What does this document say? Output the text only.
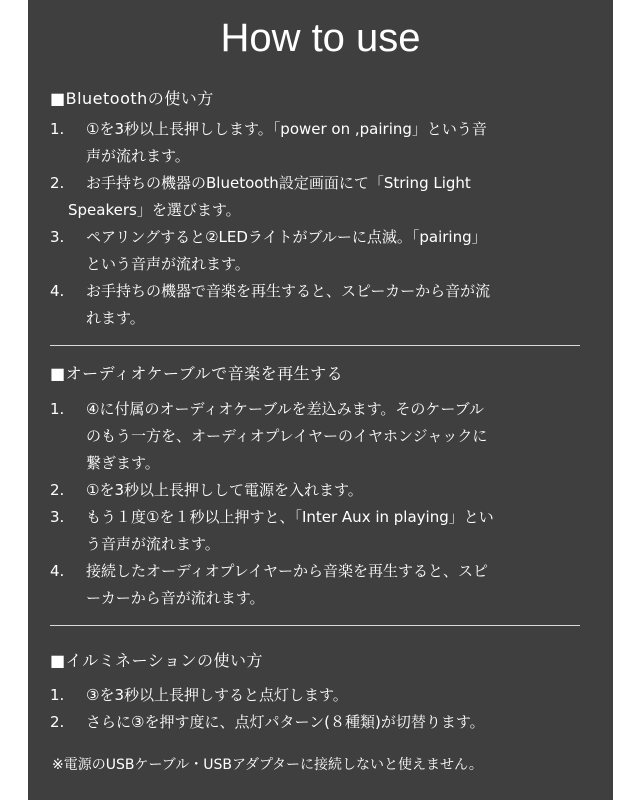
How to use
■Bluetoothの使い方
1.	①を3秒以上長押しします。「power on ,pairing」という音
声が流れます。
2.	お手持ちの機器のBluetooth設定画面にて「String Light
Speakers」を選びます。
3.	ペアリングすると②LEDライトがブルーに点滅。「pairing」
という音声が流れます。
4.	お手持ちの機器で音楽を再生すると、スピーカーから音が流
れます。
■オーディオケーブルで音楽を再生する
1.	④に付属のオーディオケーブルを差込みます。そのケーブル
のもう一方を、オーディオプレイヤーのイヤホンジャックに
繋ぎます。
2.	①を3秒以上長押しして電源を入れます。
3.	もう１度①を１秒以上押すと、「Inter Aux in playing」とい
う音声が流れます。
4.	接続したオーディオプレイヤーから音楽を再生すると、スピ
ーカーから音が流れます。
■イルミネーションの使い方
1.	③を3秒以上長押しすると点灯します。
2.	さらに③を押す度に、点灯パターン(８種類)が切替ります。
※電源のUSBケーブル・USBアダプターに接続しないと使えません。
